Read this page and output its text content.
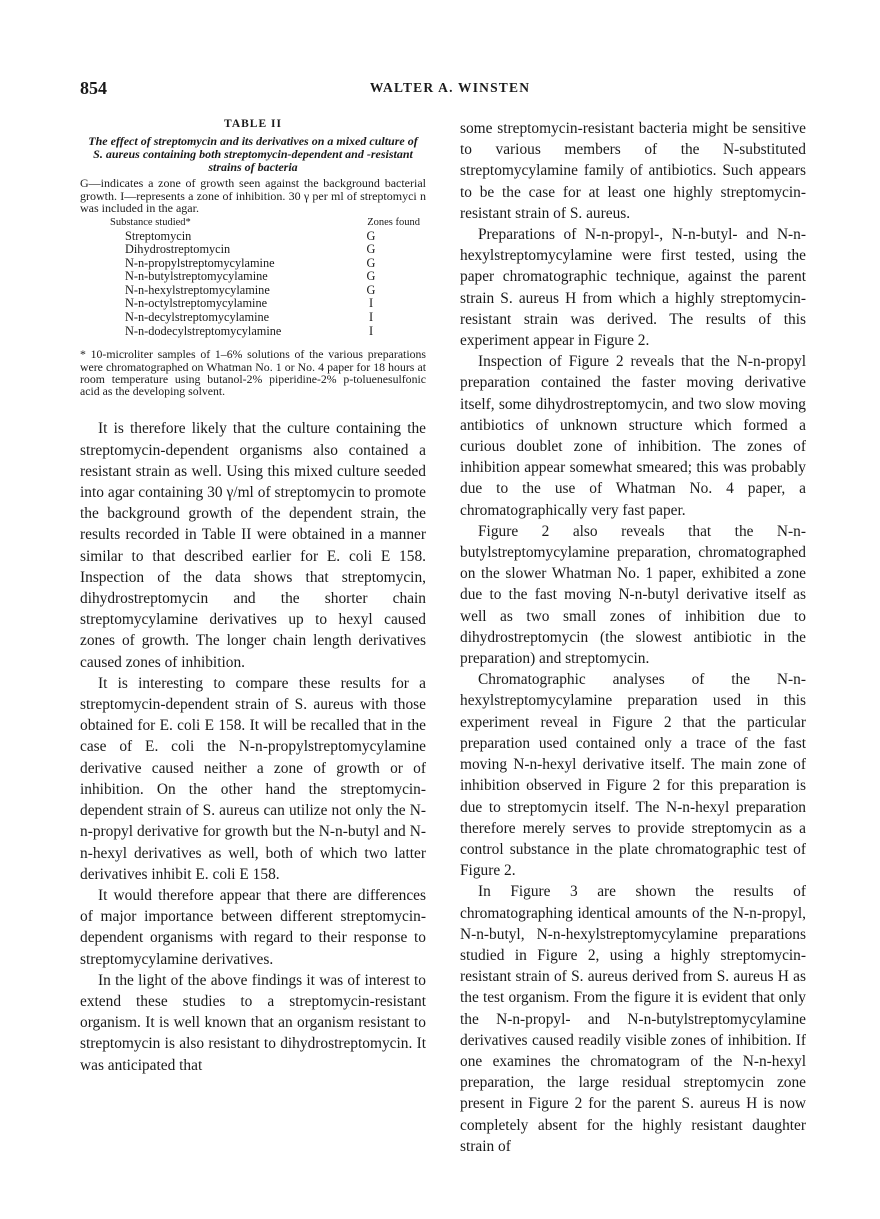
854	WALTER A. WINSTEN
TABLE II
The effect of streptomycin and its derivatives on a mixed culture of S. aureus containing both streptomycin-dependent and -resistant strains of bacteria

G—indicates a zone of growth seen against the background bacterial growth. I—represents a zone of inhibition. 30 γ per ml of streptomyci n was included in the agar.

Substance studied*	Zones found
Streptomycin	G
Dihydrostreptomycin	G
N-n-propylstreptomycylamine	G
N-n-butylstreptomycylamine	G
N-n-hexylstreptomycylamine	G
N-n-octylstreptomycylamine	I
N-n-decylstreptomycylamine	I
N-n-dodecylstreptomycylamine	I

* 10-microliter samples of 1–6% solutions of the various preparations were chromatographed on Whatman No. 1 or No. 4 paper for 18 hours at room temperature using butanol-2% piperidine-2% p-toluenesulfonic acid as the developing solvent.

It is therefore likely that the culture containing the streptomycin-dependent organisms also contained a resistant strain as well. Using this mixed culture seeded into agar containing 30 γ/ml of streptomycin to promote the background growth of the dependent strain, the results recorded in Table II were obtained in a manner similar to that described earlier for E. coli E 158. Inspection of the data shows that streptomycin, dihydrostreptomycin and the shorter chain streptomycylamine derivatives up to hexyl caused zones of growth. The longer chain length derivatives caused zones of inhibition.

It is interesting to compare these results for a streptomycin-dependent strain of S. aureus with those obtained for E. coli E 158. It will be recalled that in the case of E. coli the N-n-propylstreptomycylamine derivative caused neither a zone of growth or of inhibition. On the other hand the streptomycin-dependent strain of S. aureus can utilize not only the N-n-propyl derivative for growth but the N-n-butyl and N-n-hexyl derivatives as well, both of which two latter derivatives inhibit E. coli E 158.

It would therefore appear that there are differences of major importance between different streptomycin-dependent organisms with regard to their response to streptomycylamine derivatives.

In the light of the above findings it was of interest to extend these studies to a streptomycin-resistant organism. It is well known that an organism resistant to streptomycin is also resistant to dihydrostreptomycin. It was anticipated that

some streptomycin-resistant bacteria might be sensitive to various members of the N-substituted streptomycylamine family of antibiotics. Such appears to be the case for at least one highly streptomycin-resistant strain of S. aureus.

Preparations of N-n-propyl-, N-n-butyl- and N-n-hexylstreptomycylamine were first tested, using the paper chromatographic technique, against the parent strain S. aureus H from which a highly streptomycin-resistant strain was derived. The results of this experiment appear in Figure 2.

Inspection of Figure 2 reveals that the N-n-propyl preparation contained the faster moving derivative itself, some dihydrostreptomycin, and two slow moving antibiotics of unknown structure which formed a curious doublet zone of inhibition. The zones of inhibition appear somewhat smeared; this was probably due to the use of Whatman No. 4 paper, a chromatographically very fast paper.

Figure 2 also reveals that the N-n-butylstreptomycylamine preparation, chromatographed on the slower Whatman No. 1 paper, exhibited a zone due to the fast moving N-n-butyl derivative itself as well as two small zones of inhibition due to dihydrostreptomycin (the slowest antibiotic in the preparation) and streptomycin.

Chromatographic analyses of the N-n-hexylstreptomycylamine preparation used in this experiment reveal in Figure 2 that the particular preparation used contained only a trace of the fast moving N-n-hexyl derivative itself. The main zone of inhibition observed in Figure 2 for this preparation is due to streptomycin itself. The N-n-hexyl preparation therefore merely serves to provide streptomycin as a control substance in the plate chromatographic test of Figure 2.

In Figure 3 are shown the results of chromatographing identical amounts of the N-n-propyl, N-n-butyl, N-n-hexylstreptomycylamine preparations studied in Figure 2, using a highly streptomycin-resistant strain of S. aureus derived from S. aureus H as the test organism. From the figure it is evident that only the N-n-propyl- and N-n-butylstreptomycylamine derivatives caused readily visible zones of inhibition. If one examines the chromatogram of the N-n-hexyl preparation, the large residual streptomycin zone present in Figure 2 for the parent S. aureus H is now completely absent for the highly resistant daughter strain of
